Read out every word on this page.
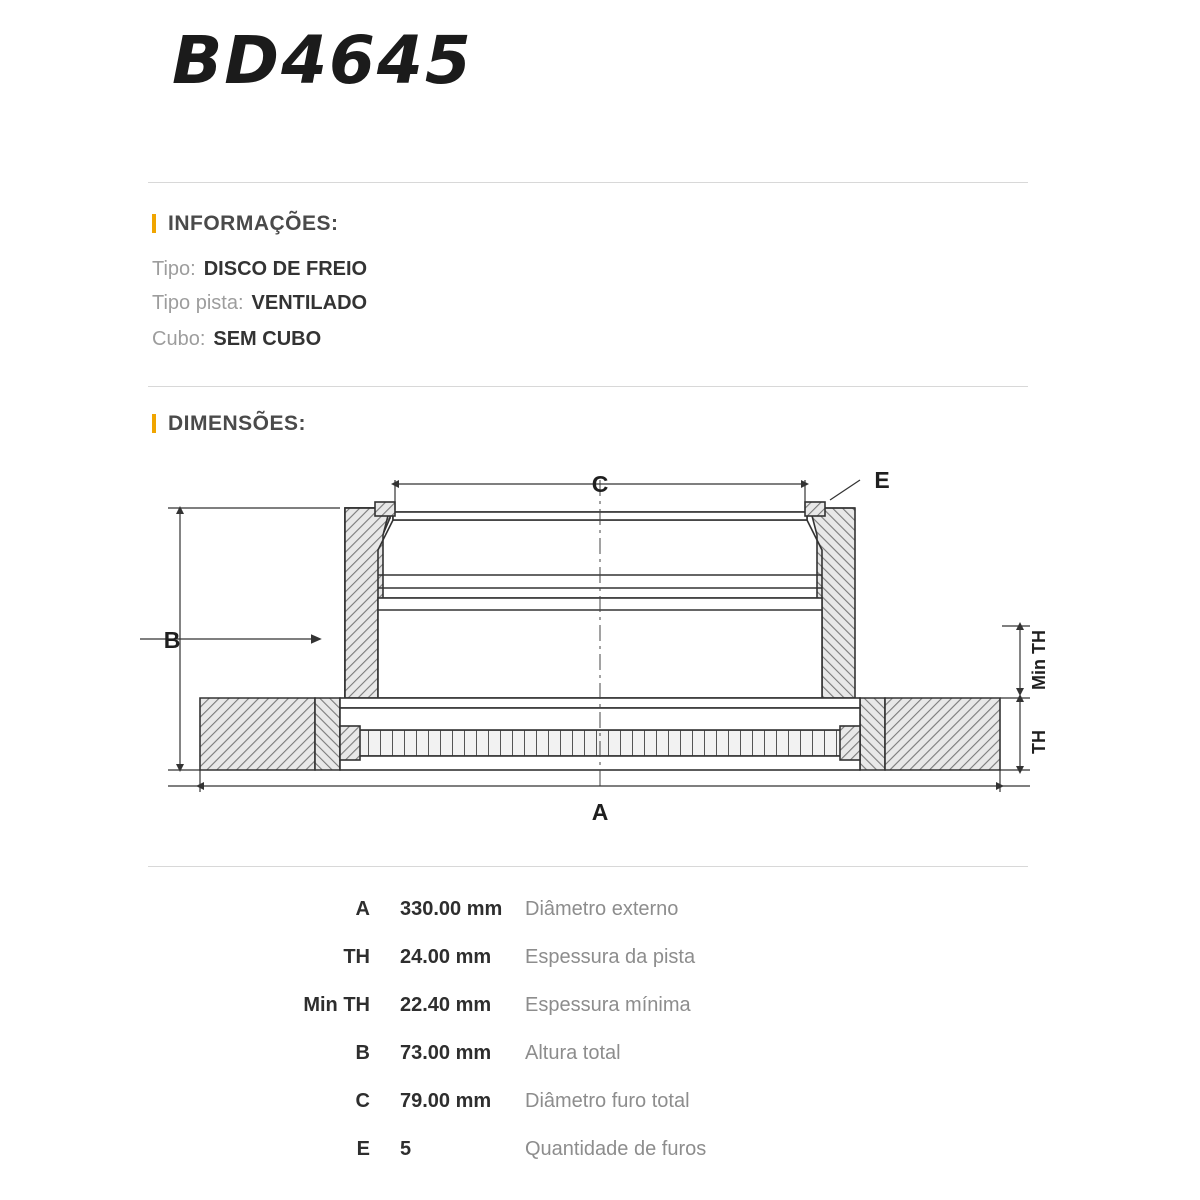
BD4645
INFORMAÇÕES:
Tipo: DISCO DE FREIO
Tipo pista: VENTILADO
Cubo: SEM CUBO
DIMENSÕES:
B
A
C	E
TH
Min TH
A 330.00 mm	Diâmetro externo
TH 24.00 mm	Espessura da pista
Min TH 22.40 mm	Espessura mínima
B 73.00 mm	Altura total
C 79.00 mm	Diâmetro furo total
E 5	Quantidade de furos
